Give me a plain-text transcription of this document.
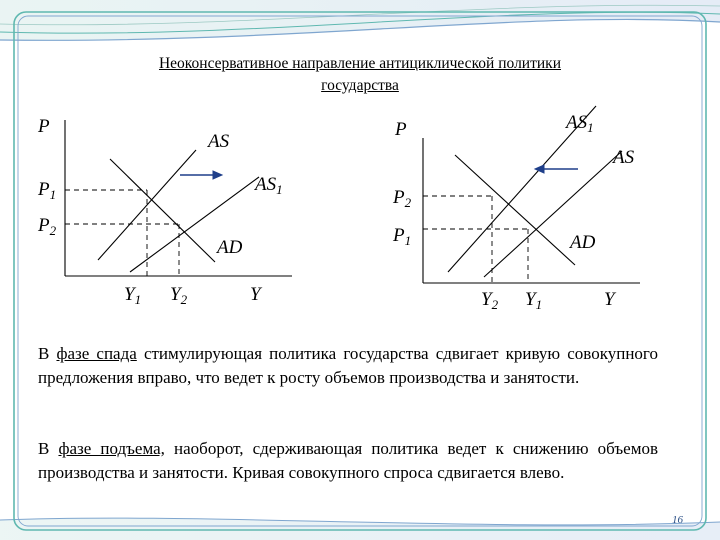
Неоконсервативное направление антициклической политики
государства
P
AS
$AS_1$
$P_1$
$P_2$
AD
$Y_1$ $Y_2$	Y
P	$AS_1$
AS
$P_2$
$P_1$	AD
$Y_2$ $Y_1$	Y
В фазе спада стимулирующая политика государства сдвигает кривую совокупного предложения вправо, что ведет к росту объемов производства и занятости.
В фазе подъема, наоборот, сдерживающая политика ведет к снижению объемов производства и занятости. Кривая совокупного спроса сдвигается влево.
16
